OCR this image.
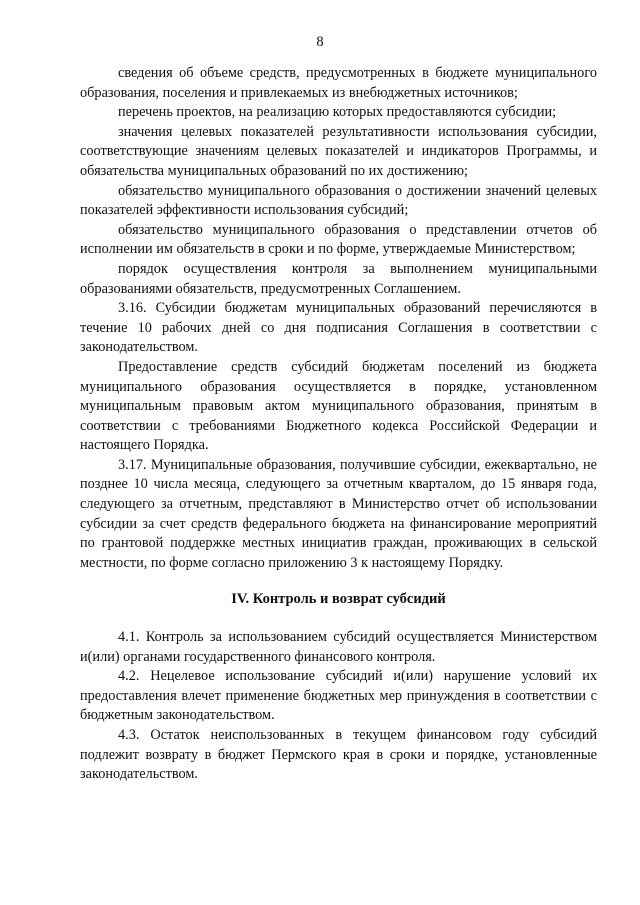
8

сведения об объеме средств, предусмотренных в бюджете муниципального образования, поселения и привлекаемых из внебюджетных источников;

перечень проектов, на реализацию которых предоставляются субсидии;

значения целевых показателей результативности использования субсидии, соответствующие значениям целевых показателей и индикаторов Программы, и обязательства муниципальных образований по их достижению;

обязательство муниципального образования о достижении значений целевых показателей эффективности использования субсидий;

обязательство муниципального образования о представлении отчетов об исполнении им обязательств в сроки и по форме, утверждаемые Министерством;

порядок осуществления контроля за выполнением муниципальными образованиями обязательств, предусмотренных Соглашением.

3.16. Субсидии бюджетам муниципальных образований перечисляются в течение 10 рабочих дней со дня подписания Соглашения в соответствии с законодательством.

Предоставление средств субсидий бюджетам поселений из бюджета муниципального образования осуществляется в порядке, установленном муниципальным правовым актом муниципального образования, принятым в соответствии с требованиями Бюджетного кодекса Российской Федерации и настоящего Порядка.

3.17. Муниципальные образования, получившие субсидии, ежеквартально, не позднее 10 числа месяца, следующего за отчетным кварталом, до 15 января года, следующего за отчетным, представляют в Министерство отчет об использовании субсидии за счет средств федерального бюджета на финансирование мероприятий по грантовой поддержке местных инициатив граждан, проживающих в сельской местности, по форме согласно приложению 3 к настоящему Порядку.

IV. Контроль и возврат субсидий

4.1. Контроль за использованием субсидий осуществляется Министерством и(или) органами государственного финансового контроля.

4.2. Нецелевое использование субсидий и(или) нарушение условий их предоставления влечет применение бюджетных мер принуждения в соответствии с бюджетным законодательством.

4.3. Остаток неиспользованных в текущем финансовом году субсидий подлежит возврату в бюджет Пермского края в сроки и порядке, установленные законодательством.
